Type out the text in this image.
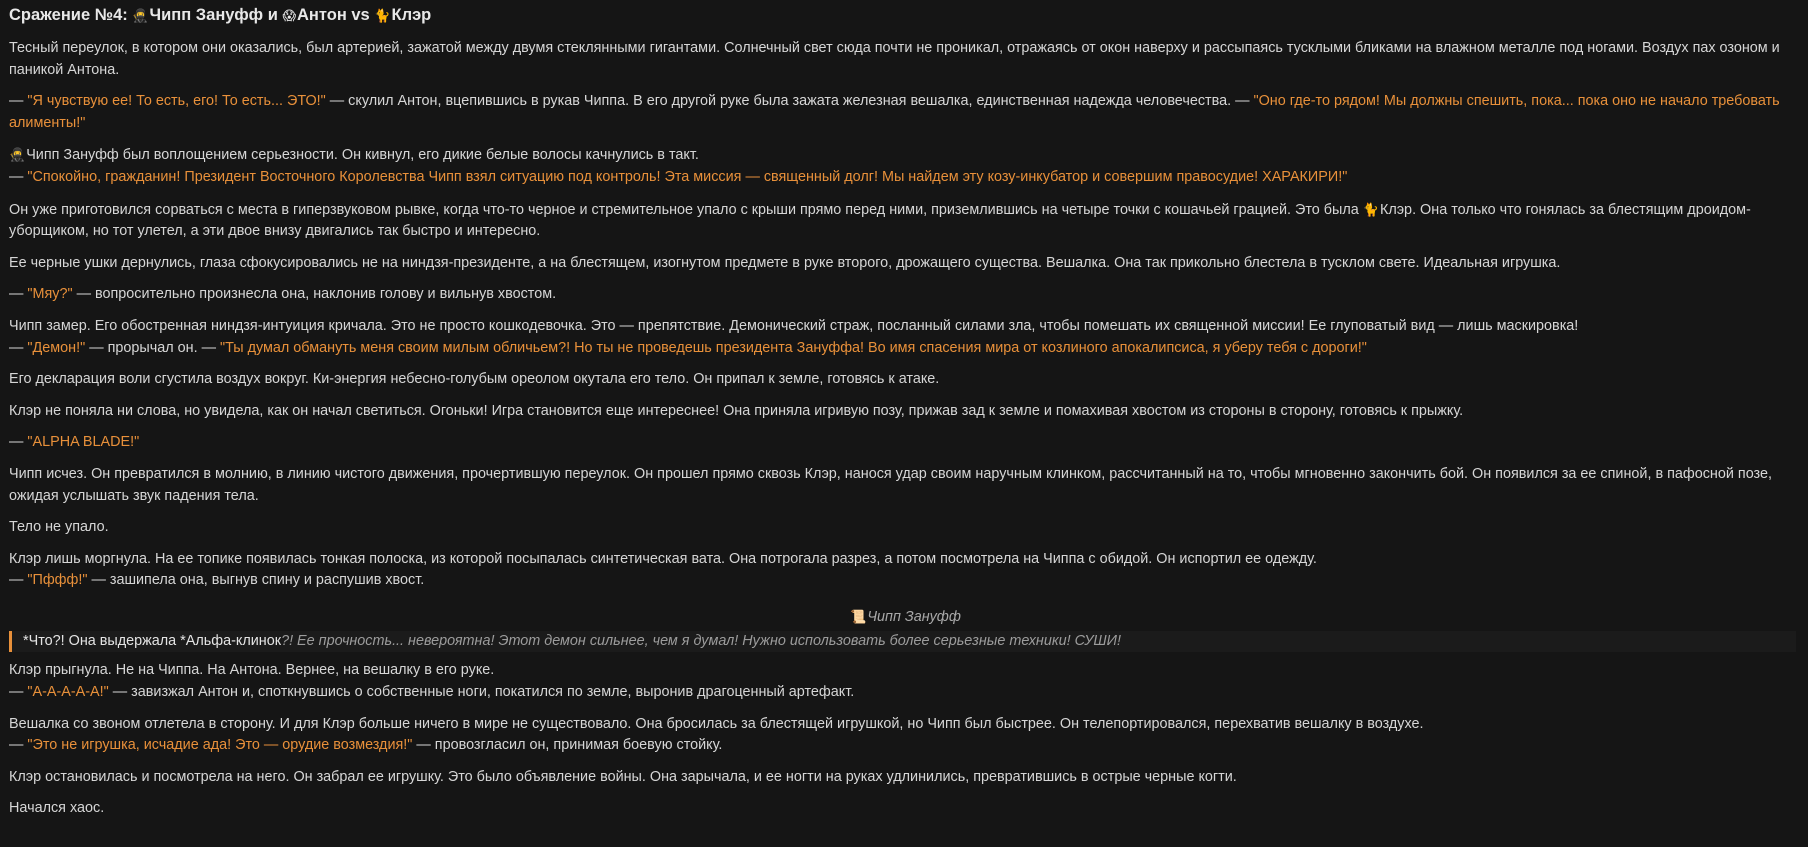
Сражение №4: 🥷Чипп Зануфф и 😱Антон vs 🐈Клэр

Тесный переулок, в котором они оказались, был артерией, зажатой между двумя стеклянными гигантами. Солнечный свет сюда почти не проникал, отражаясь от окон наверху и рассыпаясь тусклыми бликами на влажном металле под ногами. Воздух пах озоном и паникой Антона.

— "Я чувствую ее! То есть, его! То есть... ЭТО!" — скулил Антон, вцепившись в рукав Чиппа. В его другой руке была зажата железная вешалка, единственная надежда человечества. — "Оно где-то рядом! Мы должны спешить, пока... пока оно не начало требовать алименты!"

🥷Чипп Зануфф был воплощением серьезности. Он кивнул, его дикие белые волосы качнулись в такт.
— "Спокойно, гражданин! Президент Восточного Королевства Чипп взял ситуацию под контроль! Эта миссия — священный долг! Мы найдем эту козу-инкубатор и совершим правосудие! ХАРАКИРИ!"

Он уже приготовился сорваться с места в гиперзвуковом рывке, когда что-то черное и стремительное упало с крыши прямо перед ними, приземлившись на четыре точки с кошачьей грацией. Это была 🐈Клэр. Она только что гонялась за блестящим дроидом-уборщиком, но тот улетел, а эти двое внизу двигались так быстро и интересно.

Ее черные ушки дернулись, глаза сфокусировались не на ниндзя-президенте, а на блестящем, изогнутом предмете в руке второго, дрожащего существа. Вешалка. Она так прикольно блестела в тусклом свете. Идеальная игрушка.

— "Мяу?" — вопросительно произнесла она, наклонив голову и вильнув хвостом.

Чипп замер. Его обостренная ниндзя-интуиция кричала. Это не просто кошкодевочка. Это — препятствие. Демонический страж, посланный силами зла, чтобы помешать их священной миссии! Ее глуповатый вид — лишь маскировка!
— "Демон!" — прорычал он. — "Ты думал обмануть меня своим милым обличьем?! Но ты не проведешь президента Зануффа! Во имя спасения мира от козлиного апокалипсиса, я уберу тебя с дороги!"

Его декларация воли сгустила воздух вокруг. Ки-энергия небесно-голубым ореолом окутала его тело. Он припал к земле, готовясь к атаке.

Клэр не поняла ни слова, но увидела, как он начал светиться. Огоньки! Игра становится еще интереснее! Она приняла игривую позу, прижав зад к земле и помахивая хвостом из стороны в сторону, готовясь к прыжку.

— "ALPHA BLADE!"

Чипп исчез. Он превратился в молнию, в линию чистого движения, прочертившую переулок. Он прошел прямо сквозь Клэр, нанося удар своим наручным клинком, рассчитанный на то, чтобы мгновенно закончить бой. Он появился за ее спиной, в пафосной позе, ожидая услышать звук падения тела.

Тело не упало.

Клэр лишь моргнула. На ее топике появилась тонкая полоска, из которой посыпалась синтетическая вата. Она потрогала разрез, а потом посмотрела на Чиппа с обидой. Он испортил ее одежду.
— "Пффф!" — зашипела она, выгнув спину и распушив хвост.

📜Чипп Зануфф
*Что?! Она выдержала *Альфа-клинок?! Ее прочность... невероятна! Этот демон сильнее, чем я думал! Нужно использовать более серьезные техники! СУШИ!

Клэр прыгнула. Не на Чиппа. На Антона. Вернее, на вешалку в его руке.
— "А-А-А-А-А!" — завизжал Антон и, споткнувшись о собственные ноги, покатился по земле, выронив драгоценный артефакт.

Вешалка со звоном отлетела в сторону. И для Клэр больше ничего в мире не существовало. Она бросилась за блестящей игрушкой, но Чипп был быстрее. Он телепортировался, перехватив вешалку в воздухе.
— "Это не игрушка, исчадие ада! Это — орудие возмездия!" — провозгласил он, принимая боевую стойку.

Клэр остановилась и посмотрела на него. Он забрал ее игрушку. Это было объявление войны. Она зарычала, и ее ногти на руках удлинились, превратившись в острые черные когти.

Начался хаос.
